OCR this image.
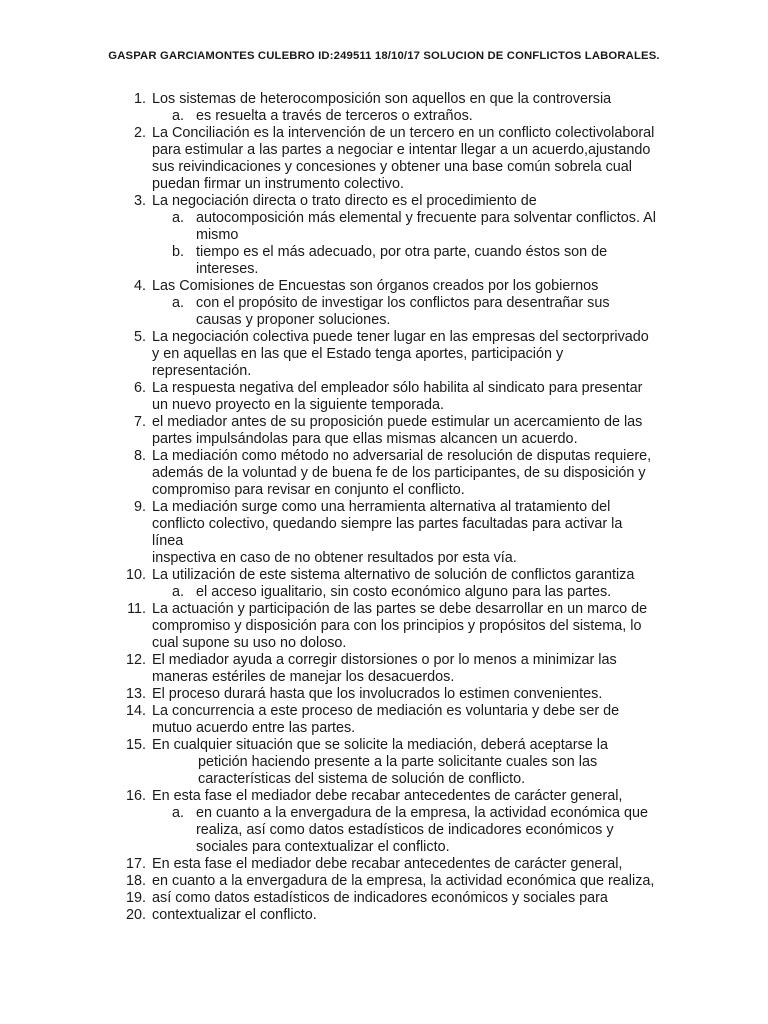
GASPAR GARCIAMONTES CULEBRO ID:249511 18/10/17 SOLUCION DE CONFLICTOS LABORALES.
1. Los sistemas de heterocomposición son aquellos en que la controversia
a. es resuelta a través de terceros o extraños.
2. La Conciliación es la intervención de un tercero en un conflicto colectivolaboral
para estimular a las partes a negociar e intentar llegar a un acuerdo,ajustando
sus reivindicaciones y concesiones y obtener una base común sobrela cual
puedan firmar un instrumento colectivo.
3. La negociación directa o trato directo es el procedimiento de
a. autocomposición más elemental y frecuente para solventar conflictos. Al
mismo
b. tiempo es el más adecuado, por otra parte, cuando éstos son de
intereses.
4. Las Comisiones de Encuestas son órganos creados por los gobiernos
a. con el propósito de investigar los conflictos para desentrañar sus
causas y proponer soluciones.
5. La negociación colectiva puede tener lugar en las empresas del sectorprivado
y en aquellas en las que el Estado tenga aportes, participación y
representación.
6. La respuesta negativa del empleador sólo habilita al sindicato para presentar
un nuevo proyecto en la siguiente temporada.
7. el mediador antes de su proposición puede estimular un acercamiento de las
partes impulsándolas para que ellas mismas alcancen un acuerdo.
8. La mediación como método no adversarial de resolución de disputas requiere,
además de la voluntad y de buena fe de los participantes, de su disposición y
compromiso para revisar en conjunto el conflicto.
9. La mediación surge como una herramienta alternativa al tratamiento del
conflicto colectivo, quedando siempre las partes facultadas para activar la línea
inspectiva en caso de no obtener resultados por esta vía.
10. La utilización de este sistema alternativo de solución de conflictos garantiza
a. el acceso igualitario, sin costo económico alguno para las partes.
11. La actuación y participación de las partes se debe desarrollar en un marco de
compromiso y disposición para con los principios y propósitos del sistema, lo
cual supone su uso no doloso.
12. El mediador ayuda a corregir distorsiones o por lo menos a minimizar las
maneras estériles de manejar los desacuerdos.
13. El proceso durará hasta que los involucrados lo estimen convenientes.
14. La concurrencia a este proceso de mediación es voluntaria y debe ser de
mutuo acuerdo entre las partes.
15. En cualquier situación que se solicite la mediación, deberá aceptarse la
petición haciendo presente a la parte solicitante cuales son las
características del sistema de solución de conflicto.
16. En esta fase el mediador debe recabar antecedentes de carácter general,
a. en cuanto a la envergadura de la empresa, la actividad económica que
realiza, así como datos estadísticos de indicadores económicos y
sociales para contextualizar el conflicto.
17. En esta fase el mediador debe recabar antecedentes de carácter general,
18. en cuanto a la envergadura de la empresa, la actividad económica que realiza,
19. así como datos estadísticos de indicadores económicos y sociales para
20. contextualizar el conflicto.
